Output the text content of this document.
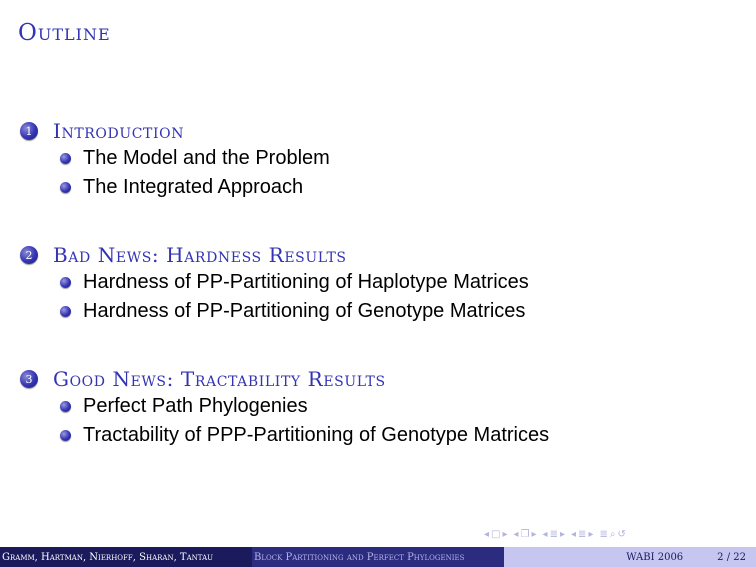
Outline
1 Introduction
The Model and the Problem
The Integrated Approach
2 Bad News: Hardness Results
Hardness of PP-Partitioning of Haplotype Matrices
Hardness of PP-Partitioning of Genotype Matrices
3 Good News: Tractability Results
Perfect Path Phylogenies
Tractability of PPP-Partitioning of Genotype Matrices
◂ □ ▸ ◂ ❐ ▸ ◂ ≣ ▸ ◂ ≣ ▸ ≣ ⌕ ↺
Gramm, Hartman, Nierhoff, Sharan, Tantau	Block Partitioning and Perfect Phylogenies	WABI 2006	2 / 22
